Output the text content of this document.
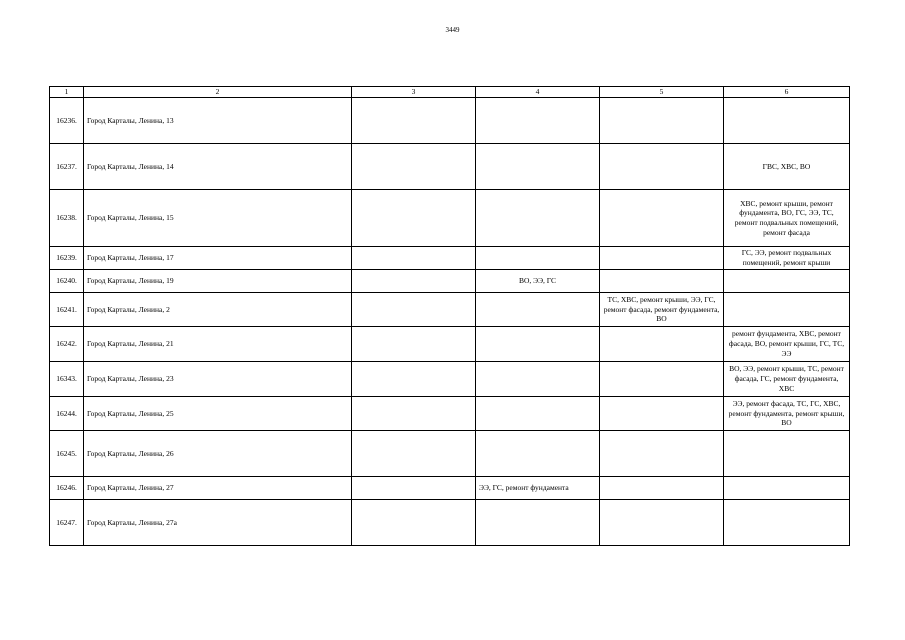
3449
1	2	3	4	5	6
16236.	Город Карталы, Ленина, 13				
16237.	Город Карталы, Ленина, 14				ГВС, ХВС, ВО
16238.	Город Карталы, Ленина, 15				ХВС, ремонт крыши, ремонт фундамента, ВО, ГС, ЭЭ, ТС, ремонт подвальных помещений, ремонт фасада
16239.	Город Карталы, Ленина, 17				ГС, ЭЭ, ремонт подвальных помещений, ремонт крыши
16240.	Город Карталы, Ленина, 19		ВО, ЭЭ, ГС		
16241.	Город Карталы, Ленина, 2			ТС, ХВС, ремонт крыши, ЭЭ, ГС, ремонт фасада, ремонт фундамента, ВО	
16242.	Город Карталы, Ленина, 21				ремонт фундамента, ХВС, ремонт фасада, ВО, ремонт крыши, ГС, ТС, ЭЭ
16343.	Город Карталы, Ленина, 23				ВО, ЭЭ, ремонт крыши, ТС, ремонт фасада, ГС, ремонт фундамента, ХВС
16244.	Город Карталы, Ленина, 25				ЭЭ, ремонт фасада, ТС, ГС, ХВС, ремонт фундамента, ремонт крыши, ВО
16245.	Город Карталы, Ленина, 26				
16246.	Город Карталы, Ленина, 27		ЭЭ, ГС, ремонт фундамента		
16247.	Город Карталы, Ленина, 27а				
